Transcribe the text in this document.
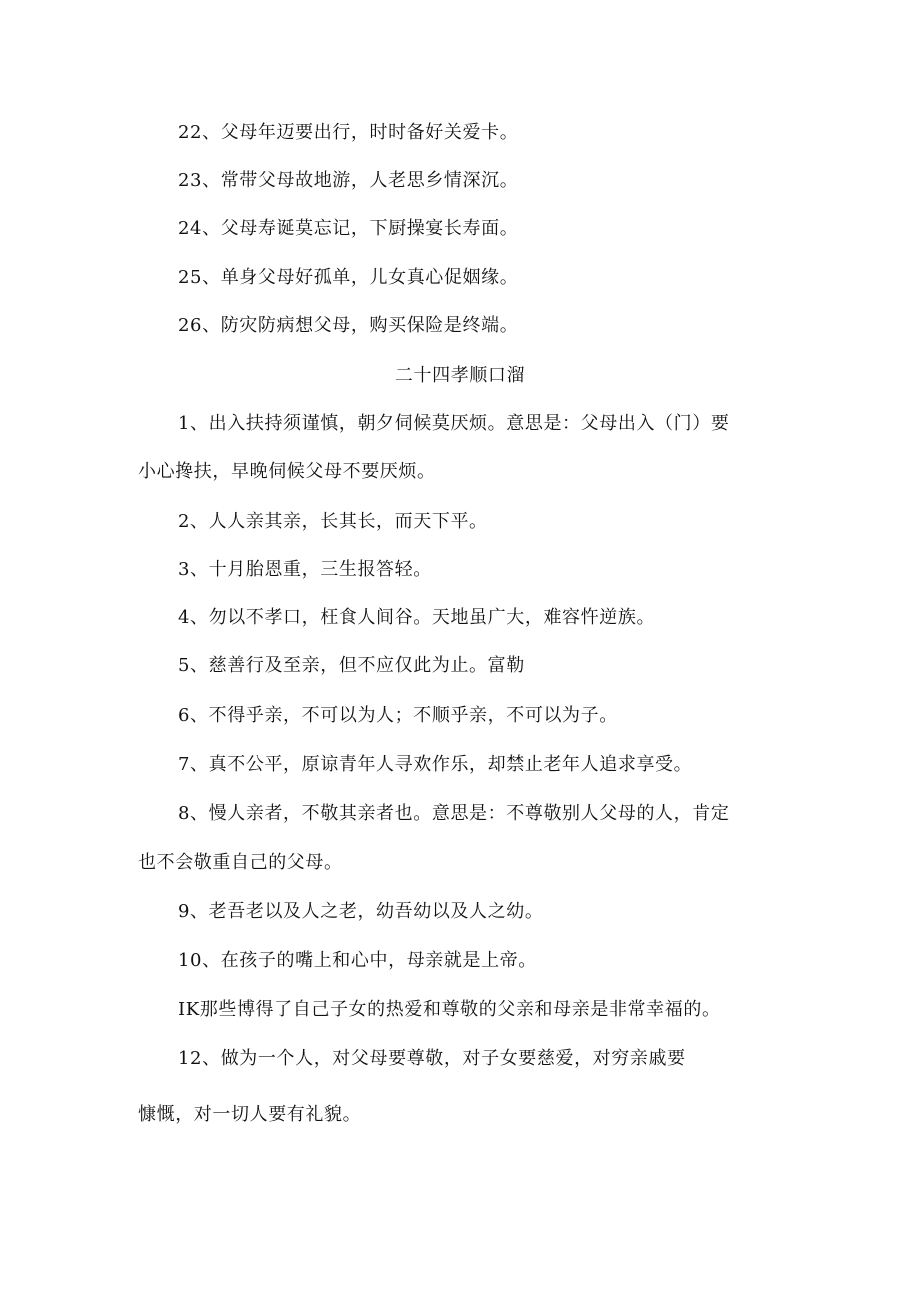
22、父母年迈要出行，时时备好关爱卡。
23、常带父母故地游，人老思乡情深沉。
24、父母寿诞莫忘记，下厨操宴长寿面。
25、单身父母好孤单，儿女真心促姻缘。
26、防灾防病想父母，购买保险是终端。
二十四孝顺口溜
1、出入扶持须谨慎，朝夕伺候莫厌烦。意思是：父母出入（门）要
小心搀扶，早晚伺候父母不要厌烦。
2、人人亲其亲，长其长，而天下平。
3、十月胎恩重，三生报答轻。
4、勿以不孝口，枉食人间谷。天地虽广大，难容忤逆族。
5、慈善行及至亲，但不应仅此为止。富勒
6、不得乎亲，不可以为人；不顺乎亲，不可以为子。
7、真不公平，原谅青年人寻欢作乐，却禁止老年人追求享受。
8、慢人亲者，不敬其亲者也。意思是：不尊敬别人父母的人，肯定
也不会敬重自己的父母。
9、老吾老以及人之老，幼吾幼以及人之幼。
10、在孩子的嘴上和心中，母亲就是上帝。
IK那些博得了自己子女的热爱和尊敬的父亲和母亲是非常幸福的。
12、做为一个人，对父母要尊敬，对子女要慈爱，对穷亲戚要
慷慨，对一切人要有礼貌。
